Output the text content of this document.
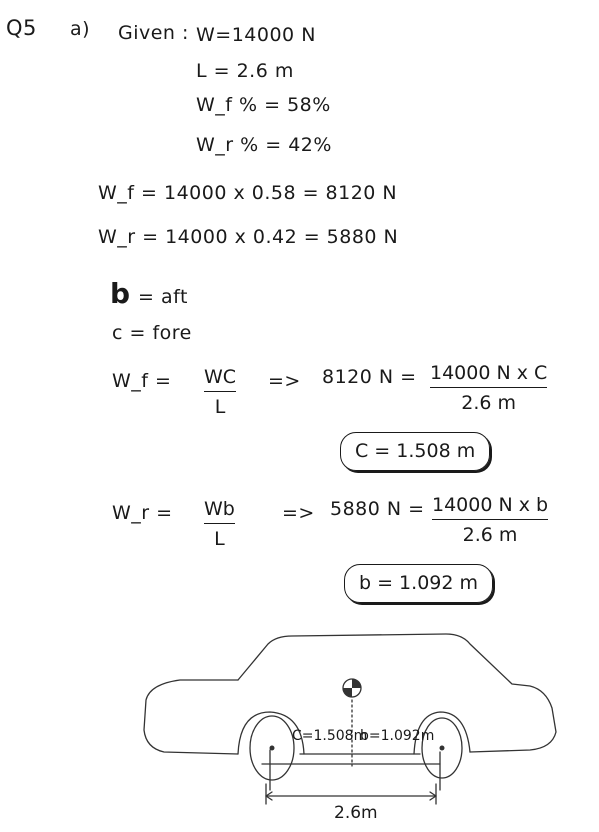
Q5 a) Given : W=14000 N
L = 2.6 m
W_f % = 58%
W_r % = 42%
W_f = 14000 x 0.58 = 8120 N
W_r = 14000 x 0.42 = 5880 N
b = aft
c = fore
W_f = WC
L
=> 8120 N = 14000 N x C
2.6 m
C = 1.508 m
W_r = Wb
L
=> 5880 N = 14000 N x b
2.6 m
b = 1.092 m
C=1.508m
b=1.092m
2.6m
